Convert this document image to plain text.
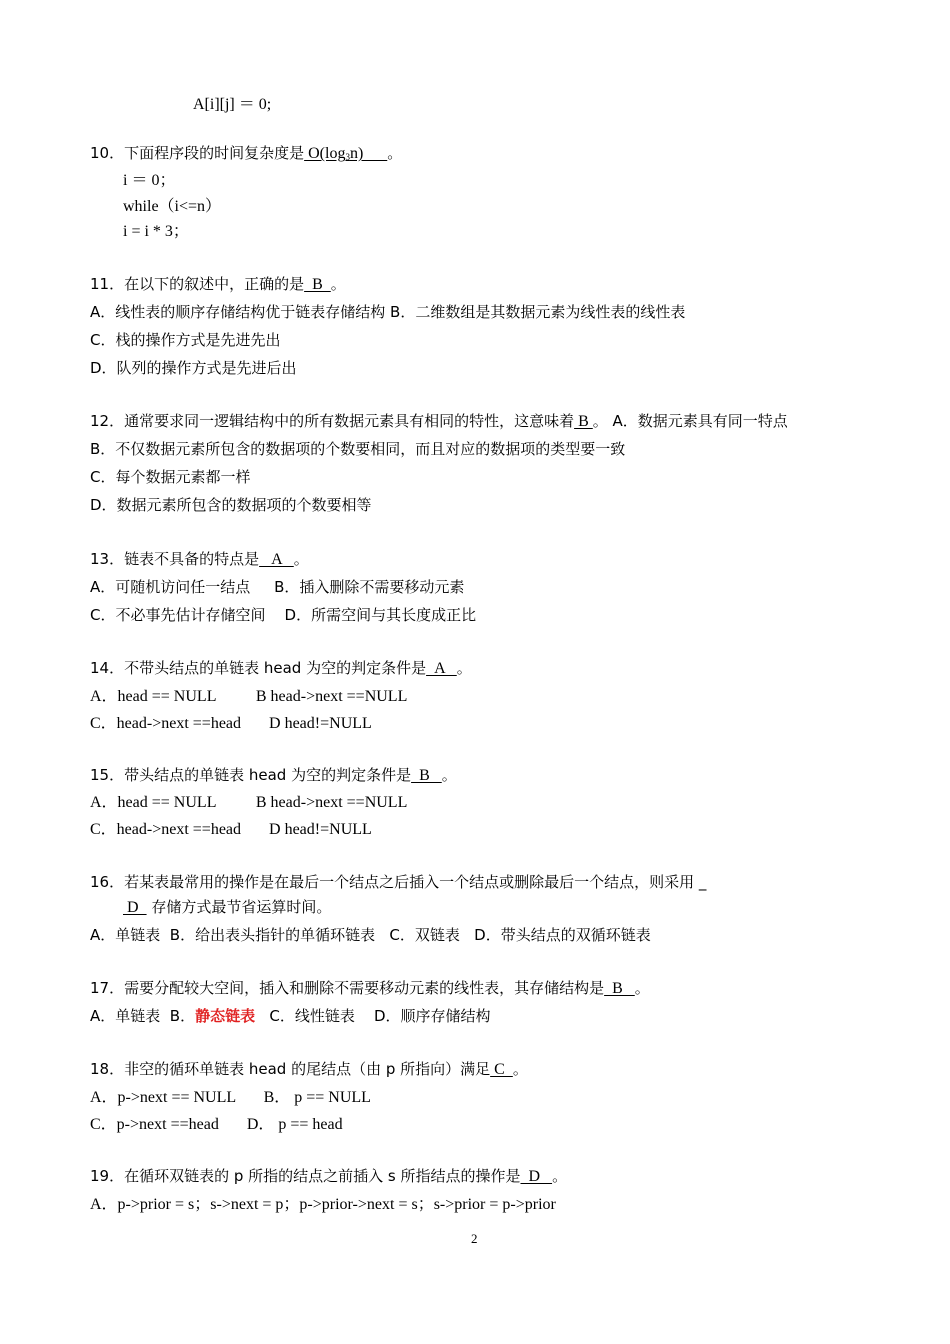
A[i][j] ＝ 0;
10．下面程序段的时间复杂度是 $O(\log_3n)$      。
i ＝ 0；
while（i<=n）
i = i * 3；
11．在以下的叙述中，正确的是  B  。
A．线性表的顺序存储结构优于链表存储结构 B．二维数组是其数据元素为线性表的线性表
C．栈的操作方式是先进先出
D．队列的操作方式是先进后出
12．通常要求同一逻辑结构中的所有数据元素具有相同的特性，这意味着 B 。 A．数据元素具有同一特点
B．不仅数据元素所包含的数据项的个数要相同，而且对应的数据项的类型要一致
C．每个数据元素都一样
D．数据元素所包含的数据项的个数要相等
13．链表不具备的特点是   A   。
A．可随机访问任一结点     B．插入删除不需要移动元素
C．不必事先估计存储空间    D．所需空间与其长度成正比
14．不带头结点的单链表 head 为空的判定条件是  A   。
A．head == NULL          B head->next ==NULL
C．head->next ==head       D head!=NULL
15．带头结点的单链表 head 为空的判定条件是  B   。
A．head == NULL          B head->next ==NULL
C．head->next ==head       D head!=NULL
16．若某表最常用的操作是在最后一个结点之后插入一个结点或删除最后一个结点，则采用 _
D   存储方式最节省运算时间。
A．单链表  B．给出表头指针的单循环链表   C．双链表   D．带头结点的双循环链表
17．需要分配较大空间，插入和删除不需要移动元素的线性表，其存储结构是  B   。
A．单链表  B．静态链表   C．线性链表    D．顺序存储结构
18．非空的循环单链表 head 的尾结点（由 p 所指向）满足 C  。
A．p->next == NULL       B． p == NULL
C．p->next ==head       D． p == head
19．在循环双链表的 p 所指的结点之前插入 s 所指结点的操作是  D   。
A．p->prior = s；s->next = p；p->prior->next = s；s->prior = p->prior
2
